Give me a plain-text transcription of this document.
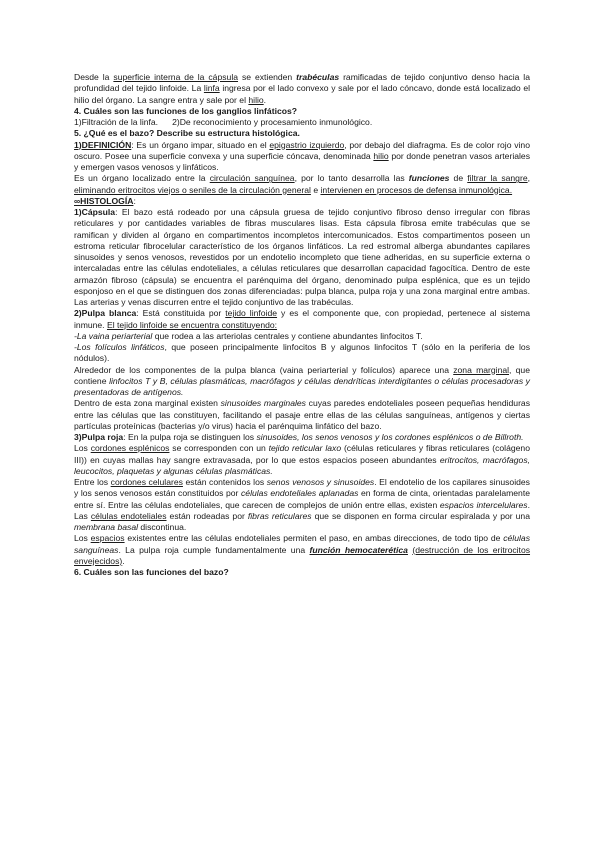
Desde la superficie interna de la cápsula se extienden trabéculas ramificadas de tejido conjuntivo denso hacia la profundidad del tejido linfoide. La linfa ingresa por el lado convexo y sale por el lado cóncavo, donde está localizado el hilio del órgano. La sangre entra y sale por el hilio.

4. Cuáles son las funciones de los ganglios linfáticos?

1)Filtración de la linfa. 2)De reconocimiento y procesamiento inmunológico.

5. ¿Qué es el bazo? Describe su estructura histológica.

1)DEFINICIÓN: Es un órgano impar, situado en el epigastrio izquierdo, por debajo del diafragma. Es de color rojo vino oscuro. Posee una superficie convexa y una superficie cóncava, denominada hilio por donde penetran vasos arteriales y emergen vasos venosos y linfáticos.

Es un órgano localizado entre la circulación sanguínea, por lo tanto desarrolla las funciones de filtrar la sangre, eliminando eritrocitos viejos o seniles de la circulación general e intervienen en procesos de defensa inmunológica.

∞HISTOLOGÍA:

1)Cápsula: El bazo está rodeado por una cápsula gruesa de tejido conjuntivo fibroso denso irregular con fibras reticulares y por cantidades variables de fibras musculares lisas. Esta cápsula fibrosa emite trabéculas que se ramifican y dividen al órgano en compartimentos incompletos intercomunicados. Estos compartimentos poseen un estroma reticular fibrocelular característico de los órganos linfáticos. La red estromal alberga abundantes capilares sinusoides y senos venosos, revestidos por un endotelio incompleto que tiene adheridas, en su superficie externa o intercaladas entre las células endoteliales, a células reticulares que desarrollan capacidad fagocítica. Dentro de este armazón fibroso (cápsula) se encuentra el parénquima del órgano, denominado pulpa esplénica, que es un tejido esponjoso en el que se distinguen dos zonas diferenciadas: pulpa blanca, pulpa roja y una zona marginal entre ambas. Las arterias y venas discurren entre el tejido conjuntivo de las trabéculas.

2)Pulpa blanca: Está constituida por tejido linfoide y es el componente que, con propiedad, pertenece al sistema inmune. El tejido linfoide se encuentra constituyendo:

-La vaina periarterial que rodea a las arteriolas centrales y contiene abundantes linfocitos T.

-Los folículos linfáticos, que poseen principalmente linfocitos B y algunos linfocitos T (sólo en la periferia de los nódulos).

Alrededor de los componentes de la pulpa blanca (vaina periarterial y folículos) aparece una zona marginal, que contiene linfocitos T y B, células plasmáticas, macrófagos y células dendríticas interdigitantes o células procesadoras y presentadoras de antígenos.

Dentro de esta zona marginal existen sinusoides marginales cuyas paredes endoteliales poseen pequeñas hendiduras entre las células que las constituyen, facilitando el pasaje entre ellas de las células sanguíneas, antígenos y ciertas partículas proteínicas (bacterias y/o virus) hacia el parénquima linfático del bazo.

3)Pulpa roja: En la pulpa roja se distinguen los sinusoides, los senos venosos y los cordones esplénicos o de Billroth.

Los cordones esplénicos se corresponden con un tejido reticular laxo (células reticulares y fibras reticulares (colágeno III)) en cuyas mallas hay sangre extravasada, por lo que estos espacios poseen abundantes eritrocitos, macrófagos, leucocitos, plaquetas y algunas células plasmáticas.

Entre los cordones celulares están contenidos los senos venosos y sinusoides. El endotelio de los capilares sinusoides y los senos venosos están constituidos por células endoteliales aplanadas en forma de cinta, orientadas paralelamente entre sí. Entre las células endoteliales, que carecen de complejos de unión entre ellas, existen espacios intercelulares. Las células endoteliales están rodeadas por fibras reticulares que se disponen en forma circular espiralada y por una membrana basal discontinua.

Los espacios existentes entre las células endoteliales permiten el paso, en ambas direcciones, de todo tipo de células sanguíneas. La pulpa roja cumple fundamentalmente una función hemocaterética (destrucción de los eritrocitos envejecidos).

6. Cuáles son las funciones del bazo?
